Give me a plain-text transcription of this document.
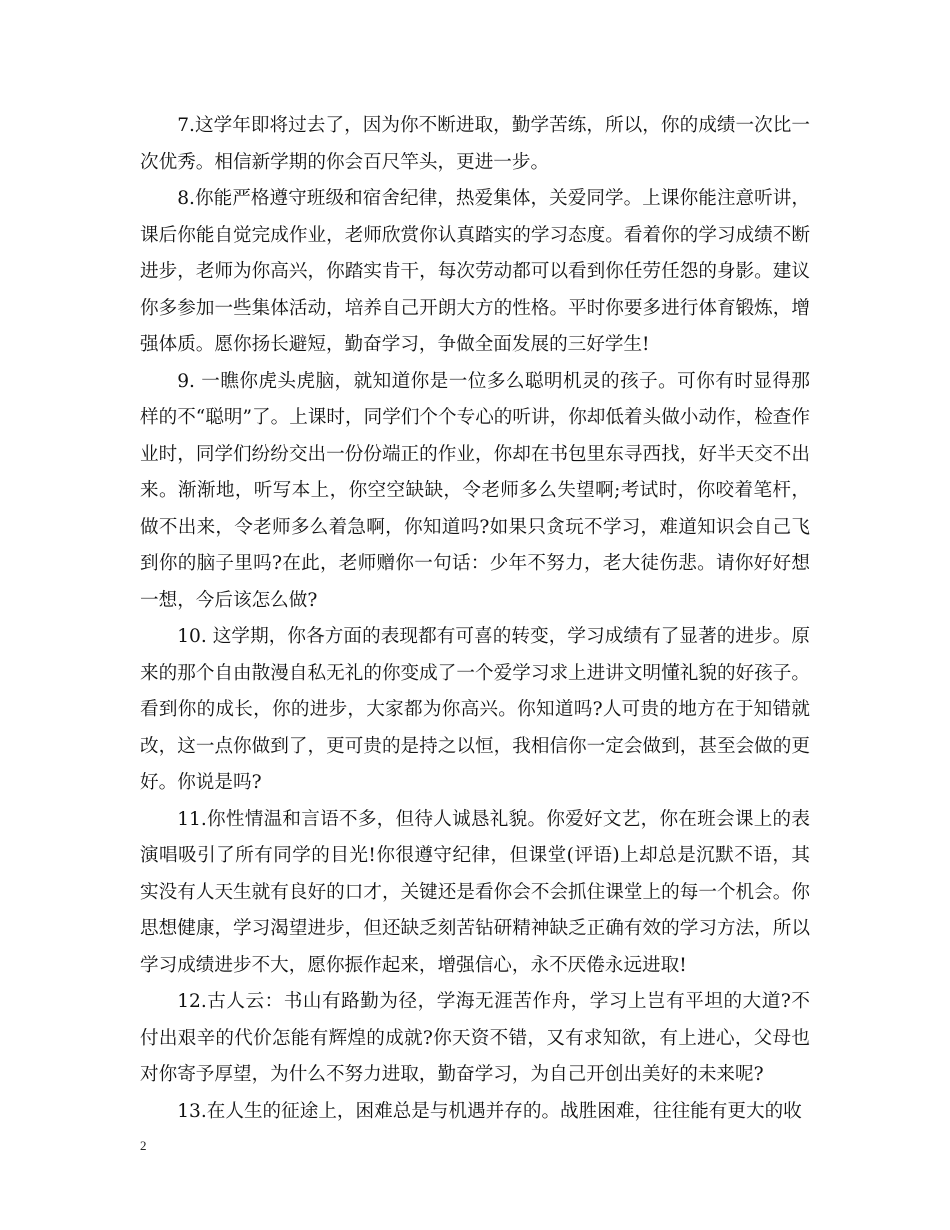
7.这学年即将过去了，因为你不断进取，勤学苦练，所以，你的成绩一次比一次优秀。相信新学期的你会百尺竿头，更进一步。

8.你能严格遵守班级和宿舍纪律，热爱集体，关爱同学。上课你能注意听讲，课后你能自觉完成作业，老师欣赏你认真踏实的学习态度。看着你的学习成绩不断进步，老师为你高兴，你踏实肯干，每次劳动都可以看到你任劳任怨的身影。建议你多参加一些集体活动，培养自己开朗大方的性格。平时你要多进行体育锻炼，增强体质。愿你扬长避短，勤奋学习，争做全面发展的三好学生!

9. 一瞧你虎头虎脑，就知道你是一位多么聪明机灵的孩子。可你有时显得那样的不“聪明”了。上课时，同学们个个专心的听讲，你却低着头做小动作，检查作业时，同学们纷纷交出一份份端正的作业，你却在书包里东寻西找，好半天交不出来。渐渐地，听写本上，你空空缺缺，令老师多么失望啊;考试时，你咬着笔杆，做不出来，令老师多么着急啊，你知道吗?如果只贪玩不学习，难道知识会自己飞到你的脑子里吗?在此，老师赠你一句话：少年不努力，老大徒伤悲。请你好好想一想，今后该怎么做?

10. 这学期，你各方面的表现都有可喜的转变，学习成绩有了显著的进步。原来的那个自由散漫自私无礼的你变成了一个爱学习求上进讲文明懂礼貌的好孩子。看到你的成长，你的进步，大家都为你高兴。你知道吗?人可贵的地方在于知错就改，这一点你做到了，更可贵的是持之以恒，我相信你一定会做到，甚至会做的更好。你说是吗?

11.你性情温和言语不多，但待人诚恳礼貌。你爱好文艺，你在班会课上的表演唱吸引了所有同学的目光!你很遵守纪律，但课堂(评语)上却总是沉默不语，其实没有人天生就有良好的口才，关键还是看你会不会抓住课堂上的每一个机会。你思想健康，学习渴望进步，但还缺乏刻苦钻研精神缺乏正确有效的学习方法，所以学习成绩进步不大，愿你振作起来，增强信心，永不厌倦永远进取!

12.古人云：书山有路勤为径，学海无涯苦作舟，学习上岂有平坦的大道?不付出艰辛的代价怎能有辉煌的成就?你天资不错，又有求知欲，有上进心，父母也对你寄予厚望，为什么不努力进取，勤奋学习，为自己开创出美好的未来呢?

13.在人生的征途上，困难总是与机遇并存的。战胜困难，往往能有更大的收

2
